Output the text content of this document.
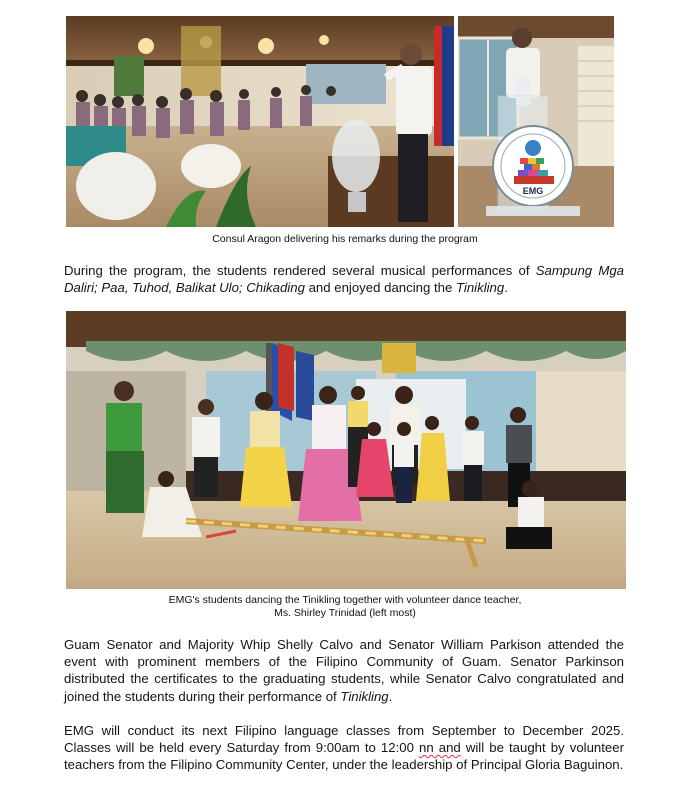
EMG
Consul Aragon delivering his remarks during the program

During the program, the students rendered several musical performances of Sampung Mga Daliri; Paa, Tuhod, Balikat Ulo; Chikading and enjoyed dancing the Tinikling.

EMG's students dancing the Tinikling together with volunteer dance teacher,
Ms. Shirley Trinidad (left most)

Guam Senator and Majority Whip Shelly Calvo and Senator William Parkison attended the event with prominent members of the Filipino Community of Guam. Senator Parkinson distributed the certificates to the graduating students, while Senator Calvo congratulated and joined the students during their performance of Tinikling.

EMG will conduct its next Filipino language classes from September to December 2025. Classes will be held every Saturday from 9:00am to 12:00 nn and will be taught by volunteer teachers from the Filipino Community Center, under the leadership of Principal Gloria Baguinon.
